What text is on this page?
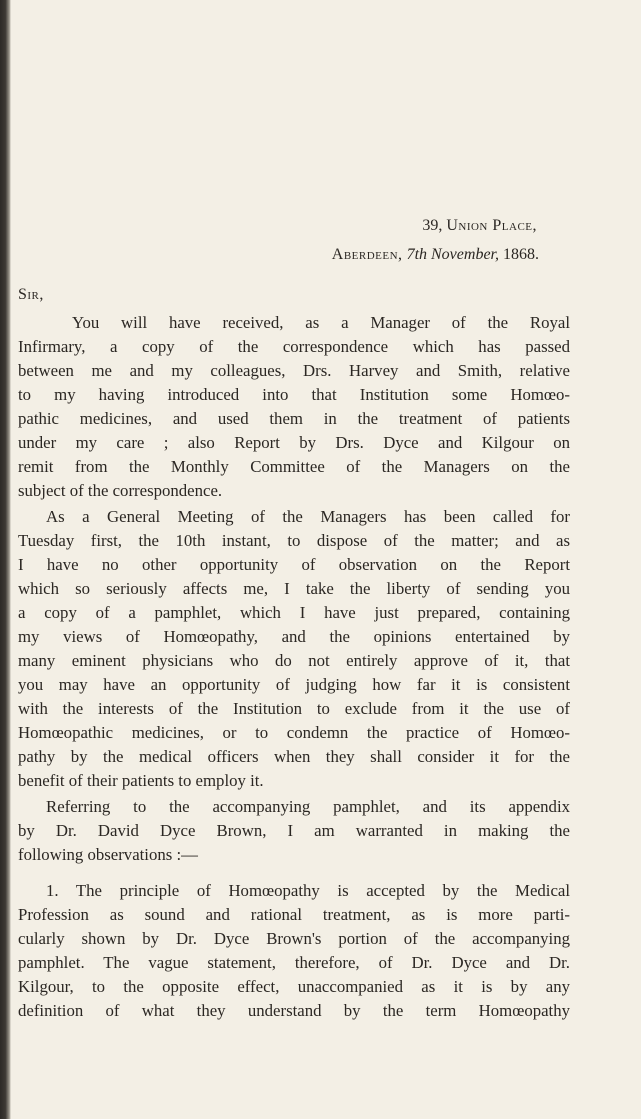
39, Union Place,
Aberdeen, 7th November, 1868.
Sir,
You will have received, as a Manager of the Royal
Infirmary, a copy of the correspondence which has passed
between me and my colleagues, Drs. Harvey and Smith, relative
to my having introduced into that Institution some Homœo-
pathic medicines, and used them in the treatment of patients
under my care ; also Report by Drs. Dyce and Kilgour on
remit from the Monthly Committee of the Managers on the
subject of the correspondence.
As a General Meeting of the Managers has been called for
Tuesday first, the 10th instant, to dispose of the matter; and as
I have no other opportunity of observation on the Report
which so seriously affects me, I take the liberty of sending you
a copy of a pamphlet, which I have just prepared, containing
my views of Homœopathy, and the opinions entertained by
many eminent physicians who do not entirely approve of it, that
you may have an opportunity of judging how far it is consistent
with the interests of the Institution to exclude from it the use of
Homœopathic medicines, or to condemn the practice of Homœo-
pathy by the medical officers when they shall consider it for the
benefit of their patients to employ it.
Referring to the accompanying pamphlet, and its appendix
by Dr. David Dyce Brown, I am warranted in making the
following observations :—
1. The principle of Homœopathy is accepted by the Medical
Profession as sound and rational treatment, as is more parti-
cularly shown by Dr. Dyce Brown's portion of the accompanying
pamphlet. The vague statement, therefore, of Dr. Dyce and Dr.
Kilgour, to the opposite effect, unaccompanied as it is by any
definition of what they understand by the term Homœopathy
